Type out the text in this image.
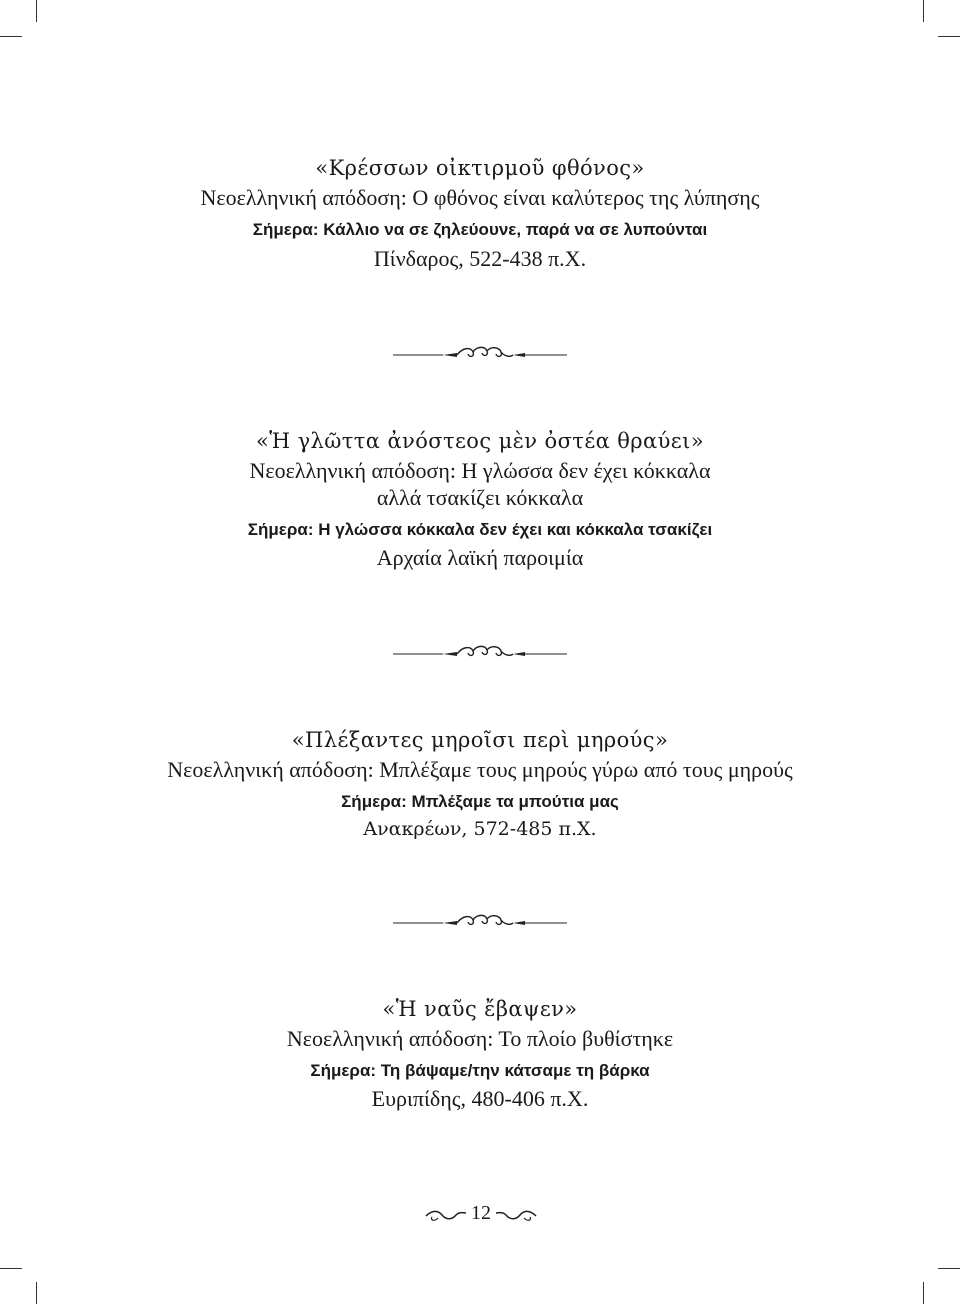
«Κρέσσων οἰκτιρμοῦ φθόνος»
Νεοελληνική απόδοση: Ο φθόνος είναι καλύτερος της λύπησης
Σήμερα: Κάλλιο να σε ζηλεύουνε, παρά να σε λυπούνται
Πίνδαρος, 522-438 π.Χ.
«Ἡ γλῶττα ἀνόστεος μὲν ὀστέα θραύει»
Νεοελληνική απόδοση: Η γλώσσα δεν έχει κόκκαλα
αλλά τσακίζει κόκκαλα
Σήμερα: Η γλώσσα κόκκαλα δεν έχει και κόκκαλα τσακίζει
Αρχαία λαϊκή παροιμία
«Πλέξαντες μηροῖσι περὶ μηρούς»
Νεοελληνική απόδοση: Μπλέξαμε τους μηρούς γύρω από τους μηρούς
Σήμερα: Μπλέξαμε τα μπούτια μας
Ανακρέων, 572-485 π.Χ.
«Ἡ ναῦς ἔβαψεν»
Νεοελληνική απόδοση: Το πλοίο βυθίστηκε
Σήμερα: Τη βάψαμε/την κάτσαμε τη βάρκα
Ευριπίδης, 480-406 π.Χ.
12
